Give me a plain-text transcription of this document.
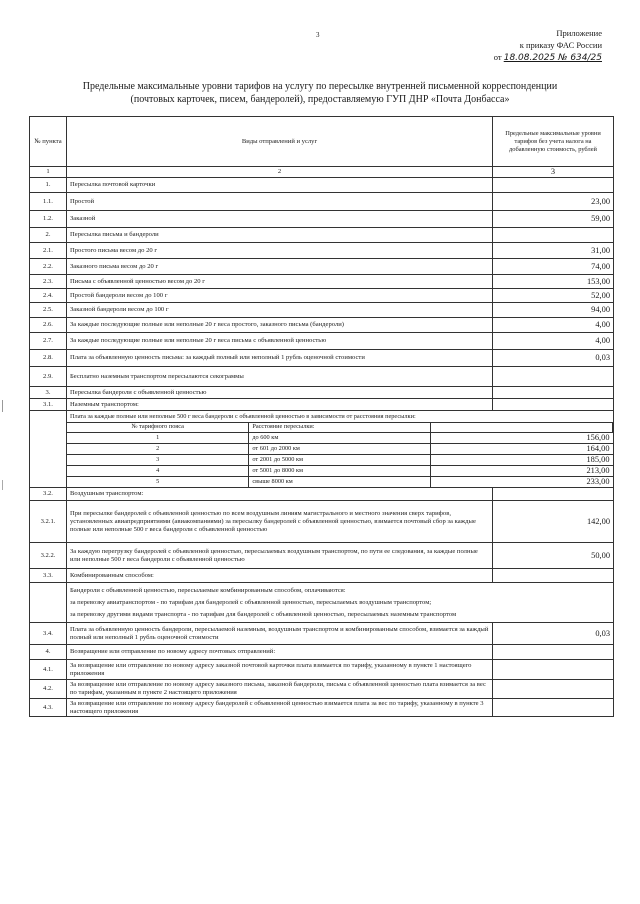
3	Приложение
к приказу ФАС России
от 18.08.2025 № 634/25
Предельные максимальные уровни тарифов на услугу по пересылке внутренней письменной корреспонденции
(почтовых карточек, писем, бандеролей), предоставляемую ГУП ДНР «Почта Донбасса»
№ пункта	Виды отправлений и услуг	Предельные максимальные уровни тарифов без учета налога на добавленную стоимость, рублей
1	2	3
1.	Пересылка почтовой карточки	
1.1.	Простой	23,00
1.2.	Заказной	59,00
2.	Пересылка письма и бандероли	
2.1.	Простого письма весом до 20 г	31,00
2.2.	Заказного письма весом до 20 г	74,00
2.3.	Письма с объявленной ценностью весом до 20 г	153,00
2.4.	Простой бандероли весом до 100 г	52,00
2.5.	Заказной бандероли весом до 100 г	94,00
2.6.	За каждые последующие полные или неполные 20 г веса простого, заказного письма (бандероли)	4,00
2.7.	За каждые последующие полные или неполные 20 г веса письма с объявленной ценностью	4,00
2.8.	Плата за объявленную ценность письма: за каждый полный или неполный 1 рубль оценочной стоимости	0,03
2.9.	Бесплатно наземным транспортом пересылаются секограммы	
3.	Пересылка бандероли с объявленной ценностью	
3.1.	Наземным транспортом:	

Плата за каждые полные или неполные 500 г веса бандероли с объявленной ценностью в зависимости от расстояния пересылки:
№ тарифного пояса	Расстояние пересылки:	
1	до 600 км	156,00
2	от 601 до 2000 км	164,00
3	от 2001 до 5000 км	185,00
4	от 5001 до 8000 км	213,00
5	свыше 8000 км	233,00

3.2.	Воздушным транспортом:	
3.2.1.	При пересылке бандеролей с объявленной ценностью по всем воздушным линиям магистрального и местного значения сверх тарифов, установленных авиапредприятиями (авиакомпаниями) за пересылку бандеролей с объявленной ценностью, взимается почтовый сбор за каждые полные или неполные 500 г веса бандероли с объявленной ценностью	142,00
3.2.2.	За каждую перегрузку бандеролей с объявленной ценностью, пересылаемых воздушным транспортом, по пути ее следования, за каждые полные или неполные 500 г веса бандероли с объявленной ценностью	50,00
3.3.	Комбинированным способом:	

Бандероли с объявленной ценностью, пересылаемые комбинированным способом, оплачиваются:
за перевозку авиатранспортом - по тарифам для бандеролей с объявленной ценностью, пересылаемых воздушным транспортом;
за перевозку другими видами транспорта - по тарифам для бандеролей с объявленной ценностью, пересылаемых наземным транспортом

3.4.	Плата за объявленную ценность бандероли, пересылаемой наземным, воздушным транспортом и комбинированным способом, взимается за каждый полный или неполный 1 рубль оценочной стоимости	0,03
4.	Возвращение или отправление по новому адресу почтовых отправлений:	
4.1.	За возвращение или отправление по новому адресу заказной почтовой карточки плата взимается по тарифу, указанному в пункте 1 настоящего приложения	
4.2.	За возвращение или отправление по новому адресу заказного письма, заказной бандероли, письма с объявленной ценностью плата взимается за вес по тарифам, указанным в пункте 2 настоящего приложения	
4.3.	За возвращение или отправление по новому адресу бандеролей с объявленной ценностью взимается плата за вес по тарифу, указанному в пункте 3 настоящего приложения	
